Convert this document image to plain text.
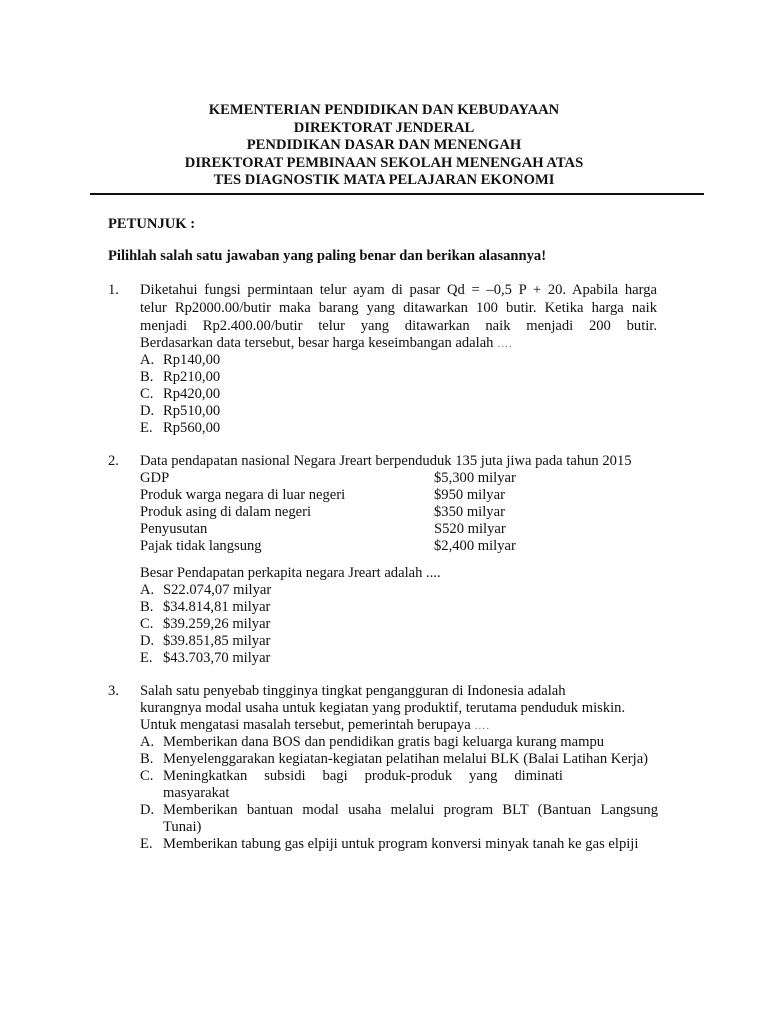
KEMENTERIAN PENDIDIKAN DAN KEBUDAYAAN
DIREKTORAT JENDERAL
PENDIDIKAN DASAR DAN MENENGAH
DIREKTORAT PEMBINAAN SEKOLAH MENENGAH ATAS
TES DIAGNOSTIK MATA PELAJARAN EKONOMI
PETUNJUK :
Pilihlah salah satu jawaban yang paling benar dan berikan alasannya!
1. Diketahui fungsi permintaan telur ayam di pasar Qd = –0,5 P + 20. Apabila harga
telur Rp2000.00/butir maka barang yang ditawarkan 100 butir. Ketika harga naik
menjadi Rp2.400.00/butir telur yang ditawarkan naik menjadi 200 butir.
Berdasarkan data tersebut, besar harga keseimbangan adalah ….
A. Rp140,00
B. Rp210,00
C. Rp420,00
D. Rp510,00
E. Rp560,00
2. Data pendapatan nasional Negara Jreart berpenduduk 135 juta jiwa pada tahun 2015
GDP	$5,300 milyar
Produk warga negara di luar negeri	$950 milyar
Produk asing di dalam negeri	$350 milyar
Penyusutan	S520 milyar
Pajak tidak langsung	$2,400 milyar
Besar Pendapatan perkapita negara Jreart adalah ....
A. S22.074,07 milyar
B. $34.814,81 milyar
C. $39.259,26 milyar
D. $39.851,85 milyar
E. $43.703,70 milyar
3. Salah satu penyebab tingginya tingkat pengangguran di Indonesia adalah
kurangnya modal usaha untuk kegiatan yang produktif, terutama penduduk miskin.
Untuk mengatasi masalah tersebut, pemerintah berupaya ….
A. Memberikan dana BOS dan pendidikan gratis bagi keluarga kurang mampu
B. Menyelenggarakan kegiatan-kegiatan pelatihan melalui BLK (Balai Latihan Kerja)
C. Meningkatkan subsidi bagi produk-produk yang diminati
masyarakat
D. Memberikan bantuan modal usaha melalui program BLT (Bantuan Langsung
Tunai)
E. Memberikan tabung gas elpiji untuk program konversi minyak tanah ke gas elpiji
